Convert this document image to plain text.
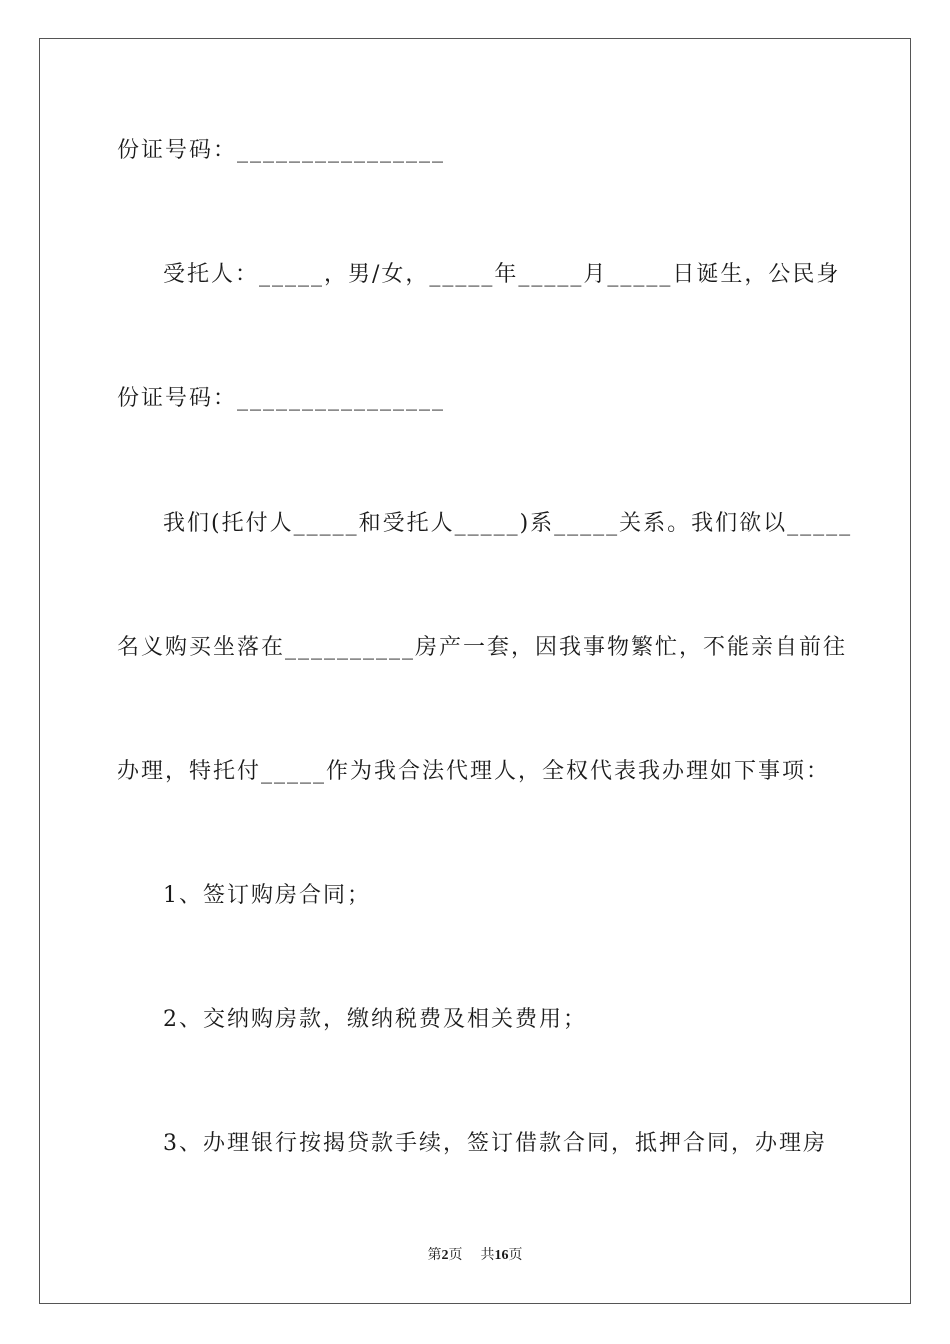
份证号码：________________

受托人：_____，男/女，_____年_____月_____日诞生，公民身

份证号码：________________

我们(托付人_____和受托人_____)系_____关系。我们欲以_____

名义购买坐落在__________房产一套，因我事物繁忙，不能亲自前往

办理，特托付_____作为我合法代理人，全权代表我办理如下事项：

1、签订购房合同；

2、交纳购房款，缴纳税费及相关费用；

3、办理银行按揭贷款手续，签订借款合同，抵押合同，办理房

第2页 共16页
